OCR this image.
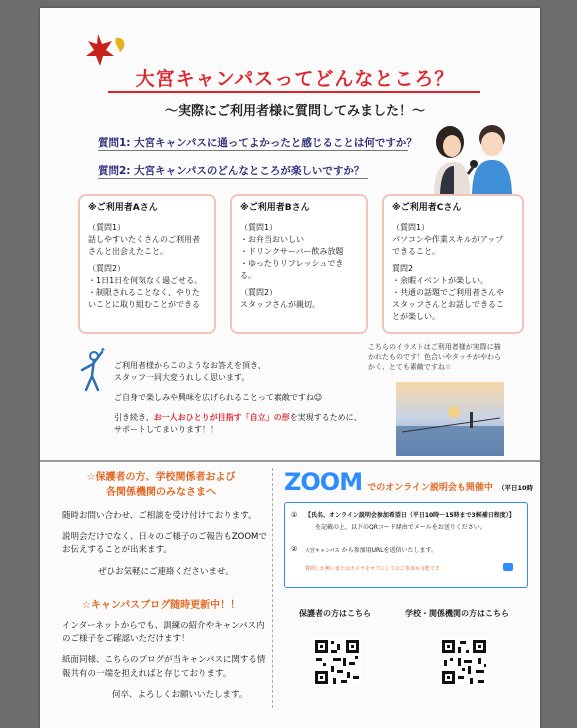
大宮キャンパスってどんなところ？
～実際にご利用者様に質問してみました！～
質問1: 大宮キャンパスに通ってよかったと感じることは何ですか？
質問2: 大宮キャンパスのどんなところが楽しいですか？
※ご利用者Aさん

（質問1）
話しやすいたくさんのご利用者
さんと出会えたこと。

（質問2）
・1日1日を何気なく過ごせる。
・制限されることなく、やりた
いことに取り組むことができる

※ご利用者Bさん

（質問1）
・お弁当おいしい
・ドリンクサーバー飲み放題
・ゆったりリフレッシュできる。

（質問2）
スタッフさんが親切。

※ご利用者Cさん

（質問1）
パソコンや作業スキルがアップ
できること。

質問2
・余暇イベントが楽しい。
・共通の話題でご利用者さんや
スタッフさんとお話しできるこ
とが楽しい。

✦
ご利用者様からこのようなお答えを頂き、
スタッフ一同大変うれしく思います。
ご自身で楽しみや興味を広げられることって素敵ですね☺
引き続き、お一人おひとりが目指す「自立」の形を実現するために、
サポートしてまいります！！
こちらのイラストはご利用者様が実際に描
かれたものです！色合いやタッチがやわら
かく、とても素敵ですね☆
☆保護者の方、学校関係者および
各関係機関のみなさまへ
随時お問い合わせ、ご相談を受け付けております。
説明会だけでなく、日々のご様子のご報告もZOOMで
お伝えすることが出来ます。
ぜひお気軽にご連絡くださいませ。
☆キャンパスブログ随時更新中！！
インターネットからでも、訓練の紹介やキャンパス内
のご様子をご確認いただけます！
紙面同様、こちらのブログが当キャンパスに関する情
報共有の一端を担えればと存じております。
何卒、よろしくお願いいたします。
ZOOM でのオンライン説明会も開催中 （平日10時
① 【氏名、オンライン説明会参加希望日（平日10時～15時まで3候補日程度）】
を記載の上、以下のQRコード経由でメールをお送りください。
② 大宮キャンパス から参加用URLを返信いたします。
質問しか無いまたはカメラをオフにしてのご参加も可能です
保護者の方はこちら	学校・関係機関の方はこちら
